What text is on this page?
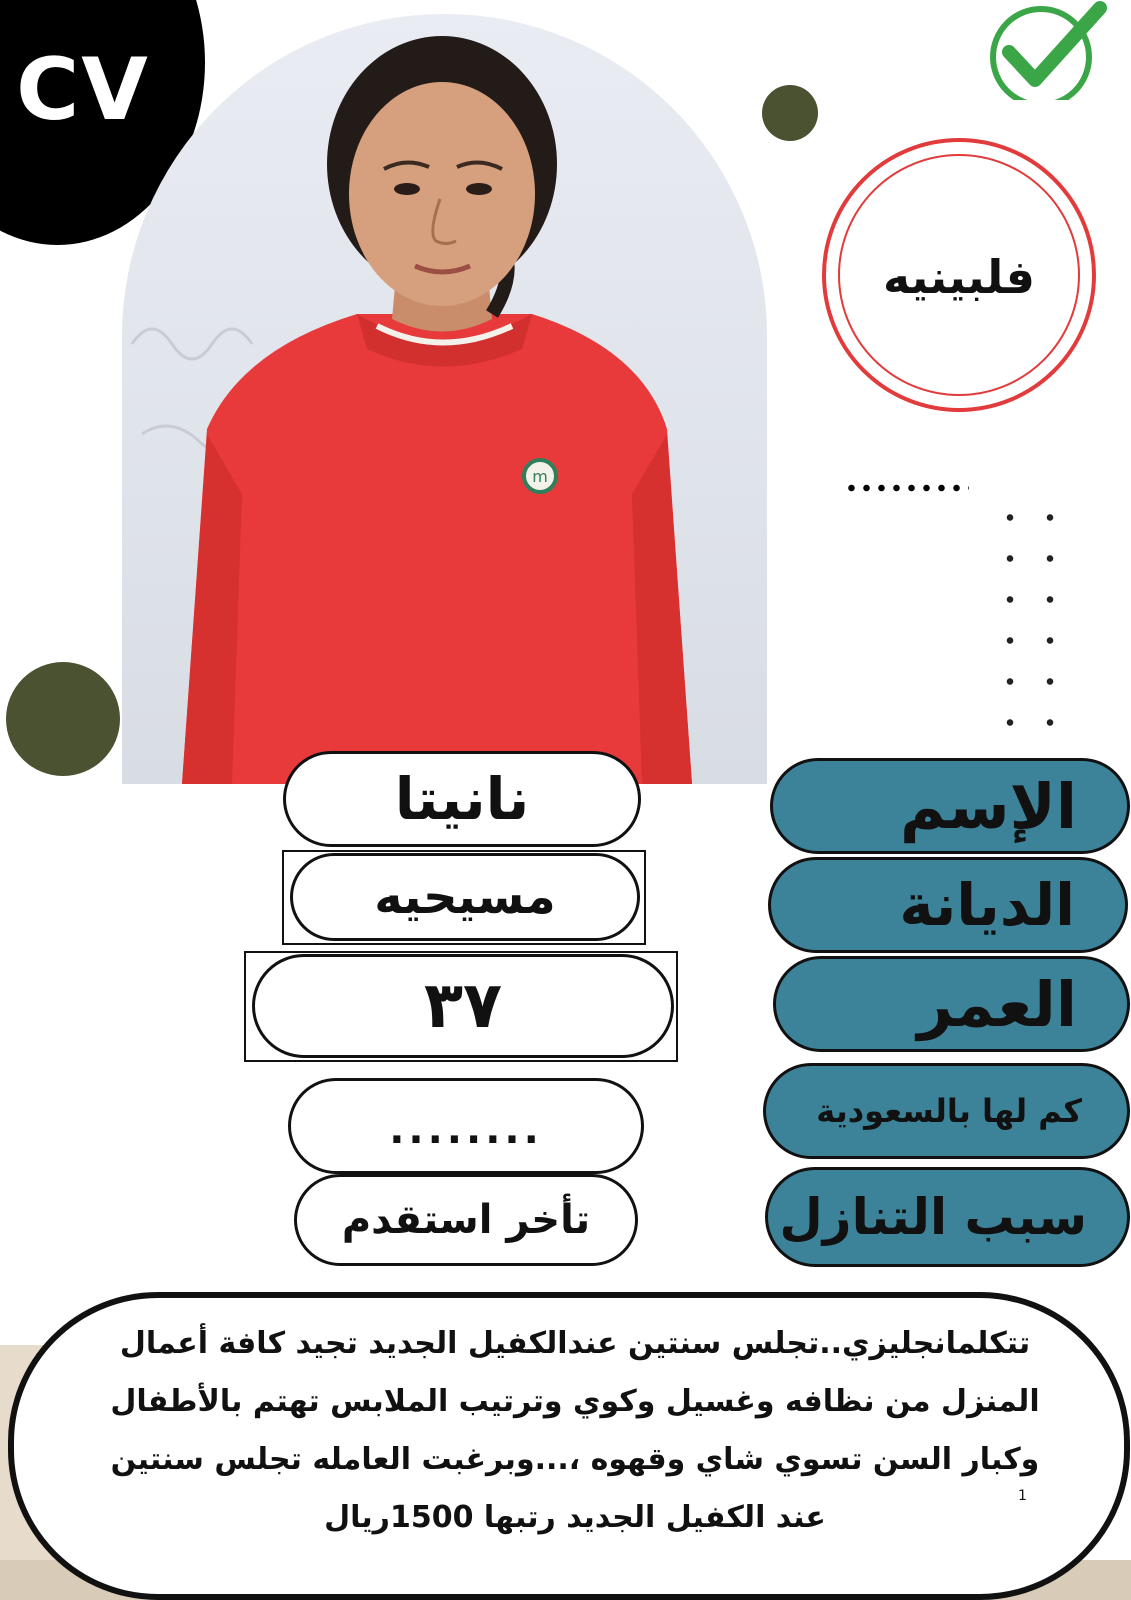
CV
m
فلبينيه
الإسم
الديانة
العمر
كم لها بالسعودية
سبب التنازل
نانيتا
مسيحيه
٣٧
........
تأخر استقدم
تتكلمانجليزي..تجلس سنتين عندالكفيل الجديد تجيد كافة أعمال المنزل من نظافه وغسيل وكوي وترتيب الملابس تهتم بالأطفال وكبار السن تسوي شاي وقهوه ،...وبرغبت العامله تجلس سنتين عند الكفيل الجديد رتبها 1500ريال
1
